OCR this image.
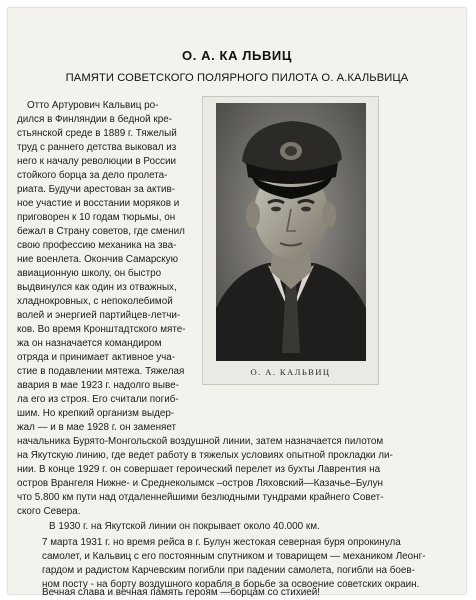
О. А. КА ЛЬВИЦ
ПАМЯТИ СОВЕТСКОГО ПОЛЯРНОГО ПИЛОТА О. А.КАЛЬВИЦА
Отто Артурович Кальвиц ро-
дился в Финляндии в бедной кре-
стьянской среде в 1889 г. Тяжелый
труд с раннего детства выковал из
него к началу революции в России
стойкого борца за дело пролета-
риата. Будучи арестован за актив-
ное участие и восстании моряков и
приговорен к 10 годам тюрьмы, он
бежал в Страну советов, где сменил
свою профессию механика на зва-
ние военлета. Окончив Самарскую
авиационную школу, он быстро
выдвинулся как один из отважных,
хладнокровных, с непоколебимой
волей и энергией партийцев-летчи-
ков. Во время Кронштадтского мяте-
жа он назначается командиром
отряда и принимает активное уча-
стие в подавлении мятежа. Тяжелая
авария в мае 1923 г. надолго выве-
ла его из строя. Его считали погиб-
шим. Но крепкий организм выдер-
жал — и в мае 1928 г. он заменяет
О. А. КАЛЬВИЦ
начальника Бурято-Монгольской воздушной линии, затем назначается пилотом
на Якутскую линию, где ведет работу в тяжелых условиях опытной прокладки ли-
нии. В конце 1929 г. он совершает героический перелет из бухты Лаврентия на
остров Врангеля Нижне- и Среднеколымск –остров Ляховский—Казачье–Булун
что 5.800 км пути над отдаленнейшими безлюдными тундрами крайнего Совет-
ского Севера.
В 1930 г. на Якутской линии он покрывает около 40.000 км.
7 марта 1931 г. но время рейса в г. Булун жестокая северная буря опрокинула
самолет, и Кальвиц с его постоянным спутником и товарищем — механиком Леонг-
гардом и радистом Карчевским погибли при падении самолета, погибли на боев-
ном посту - на борту воздушного корабля в борьбе за освоение советских окраин.
Вечная слава и вечная память героям —борцам со стихией!
